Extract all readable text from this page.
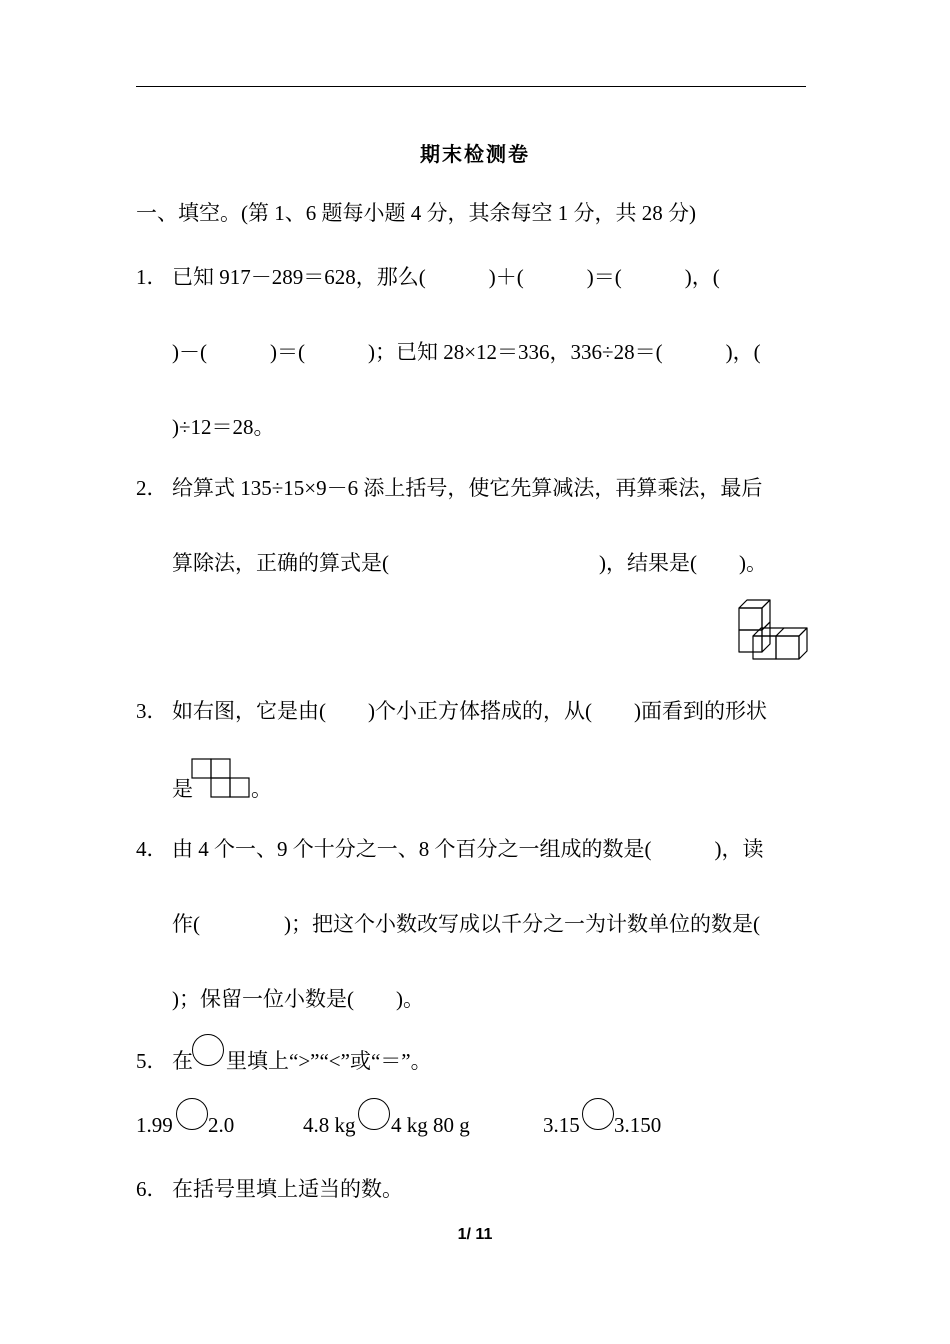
期末检测卷
一、填空。(第 1、6 题每小题 4 分，其余每空 1 分，共 28 分)
1． 已知 917－289＝628，那么(　　　)＋(　　　)＝(　　　)，(
)－(　　　)＝(　　　)；已知 28×12＝336，336÷28＝(　　　)，(
)÷12＝28。
2． 给算式 135÷15×9－6 添上括号，使它先算减法，再算乘法，最后
算除法，正确的算式是(　　　　　　　　　　)，结果是(　　)。
3． 如右图，它是由(　　)个小正方体搭成的，从(　　)面看到的形状
是	。
4． 由 4 个一、9 个十分之一、8 个百分之一组成的数是(　　　)，读
作(　　　　)；把这个小数改写成以千分之一为计数单位的数是(
)；保留一位小数是(　　)。
5． 在 里填上“>”“<”或“＝”。
1.99 2.0	4.8 kg 4 kg 80 g	3.15 3.150
6． 在括号里填上适当的数。
1/ 11
